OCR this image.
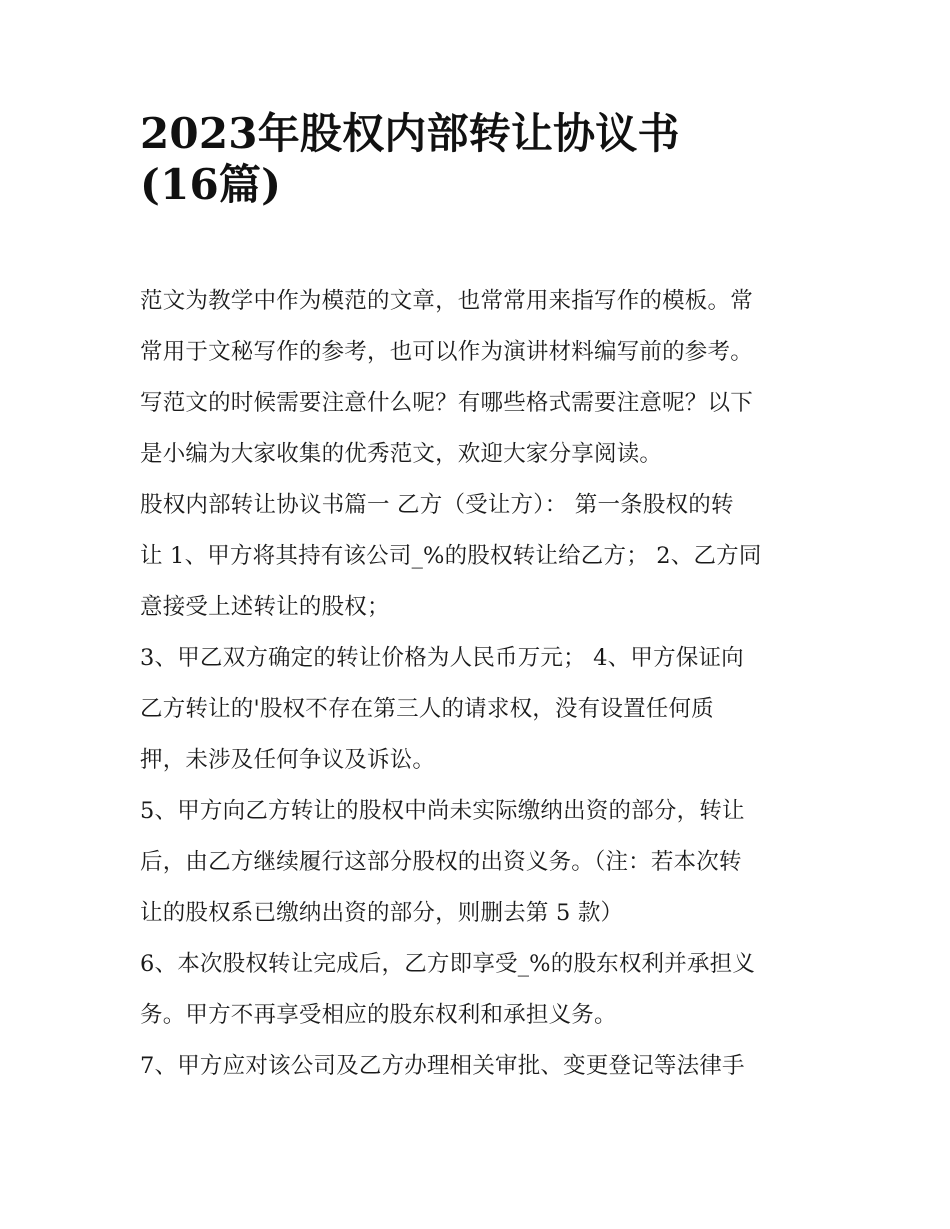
2023年股权内部转让协议书
(16篇)
范文为教学中作为模范的文章，也常常用来指写作的模板。常
常用于文秘写作的参考，也可以作为演讲材料编写前的参考。
写范文的时候需要注意什么呢？有哪些格式需要注意呢？以下
是小编为大家收集的优秀范文，欢迎大家分享阅读。
股权内部转让协议书篇一 乙方（受让方）： 第一条股权的转
让 1、甲方将其持有该公司_%的股权转让给乙方； 2、乙方同
意接受上述转让的股权；
3、甲乙双方确定的转让价格为人民币万元； 4、甲方保证向
乙方转让的'股权不存在第三人的请求权，没有设置任何质
押，未涉及任何争议及诉讼。
5、甲方向乙方转让的股权中尚未实际缴纳出资的部分，转让
后，由乙方继续履行这部分股权的出资义务。（注：若本次转
让的股权系已缴纳出资的部分，则删去第 5 款）
6、本次股权转让完成后，乙方即享受_%的股东权利并承担义
务。甲方不再享受相应的股东权利和承担义务。
7、甲方应对该公司及乙方办理相关审批、变更登记等法律手
